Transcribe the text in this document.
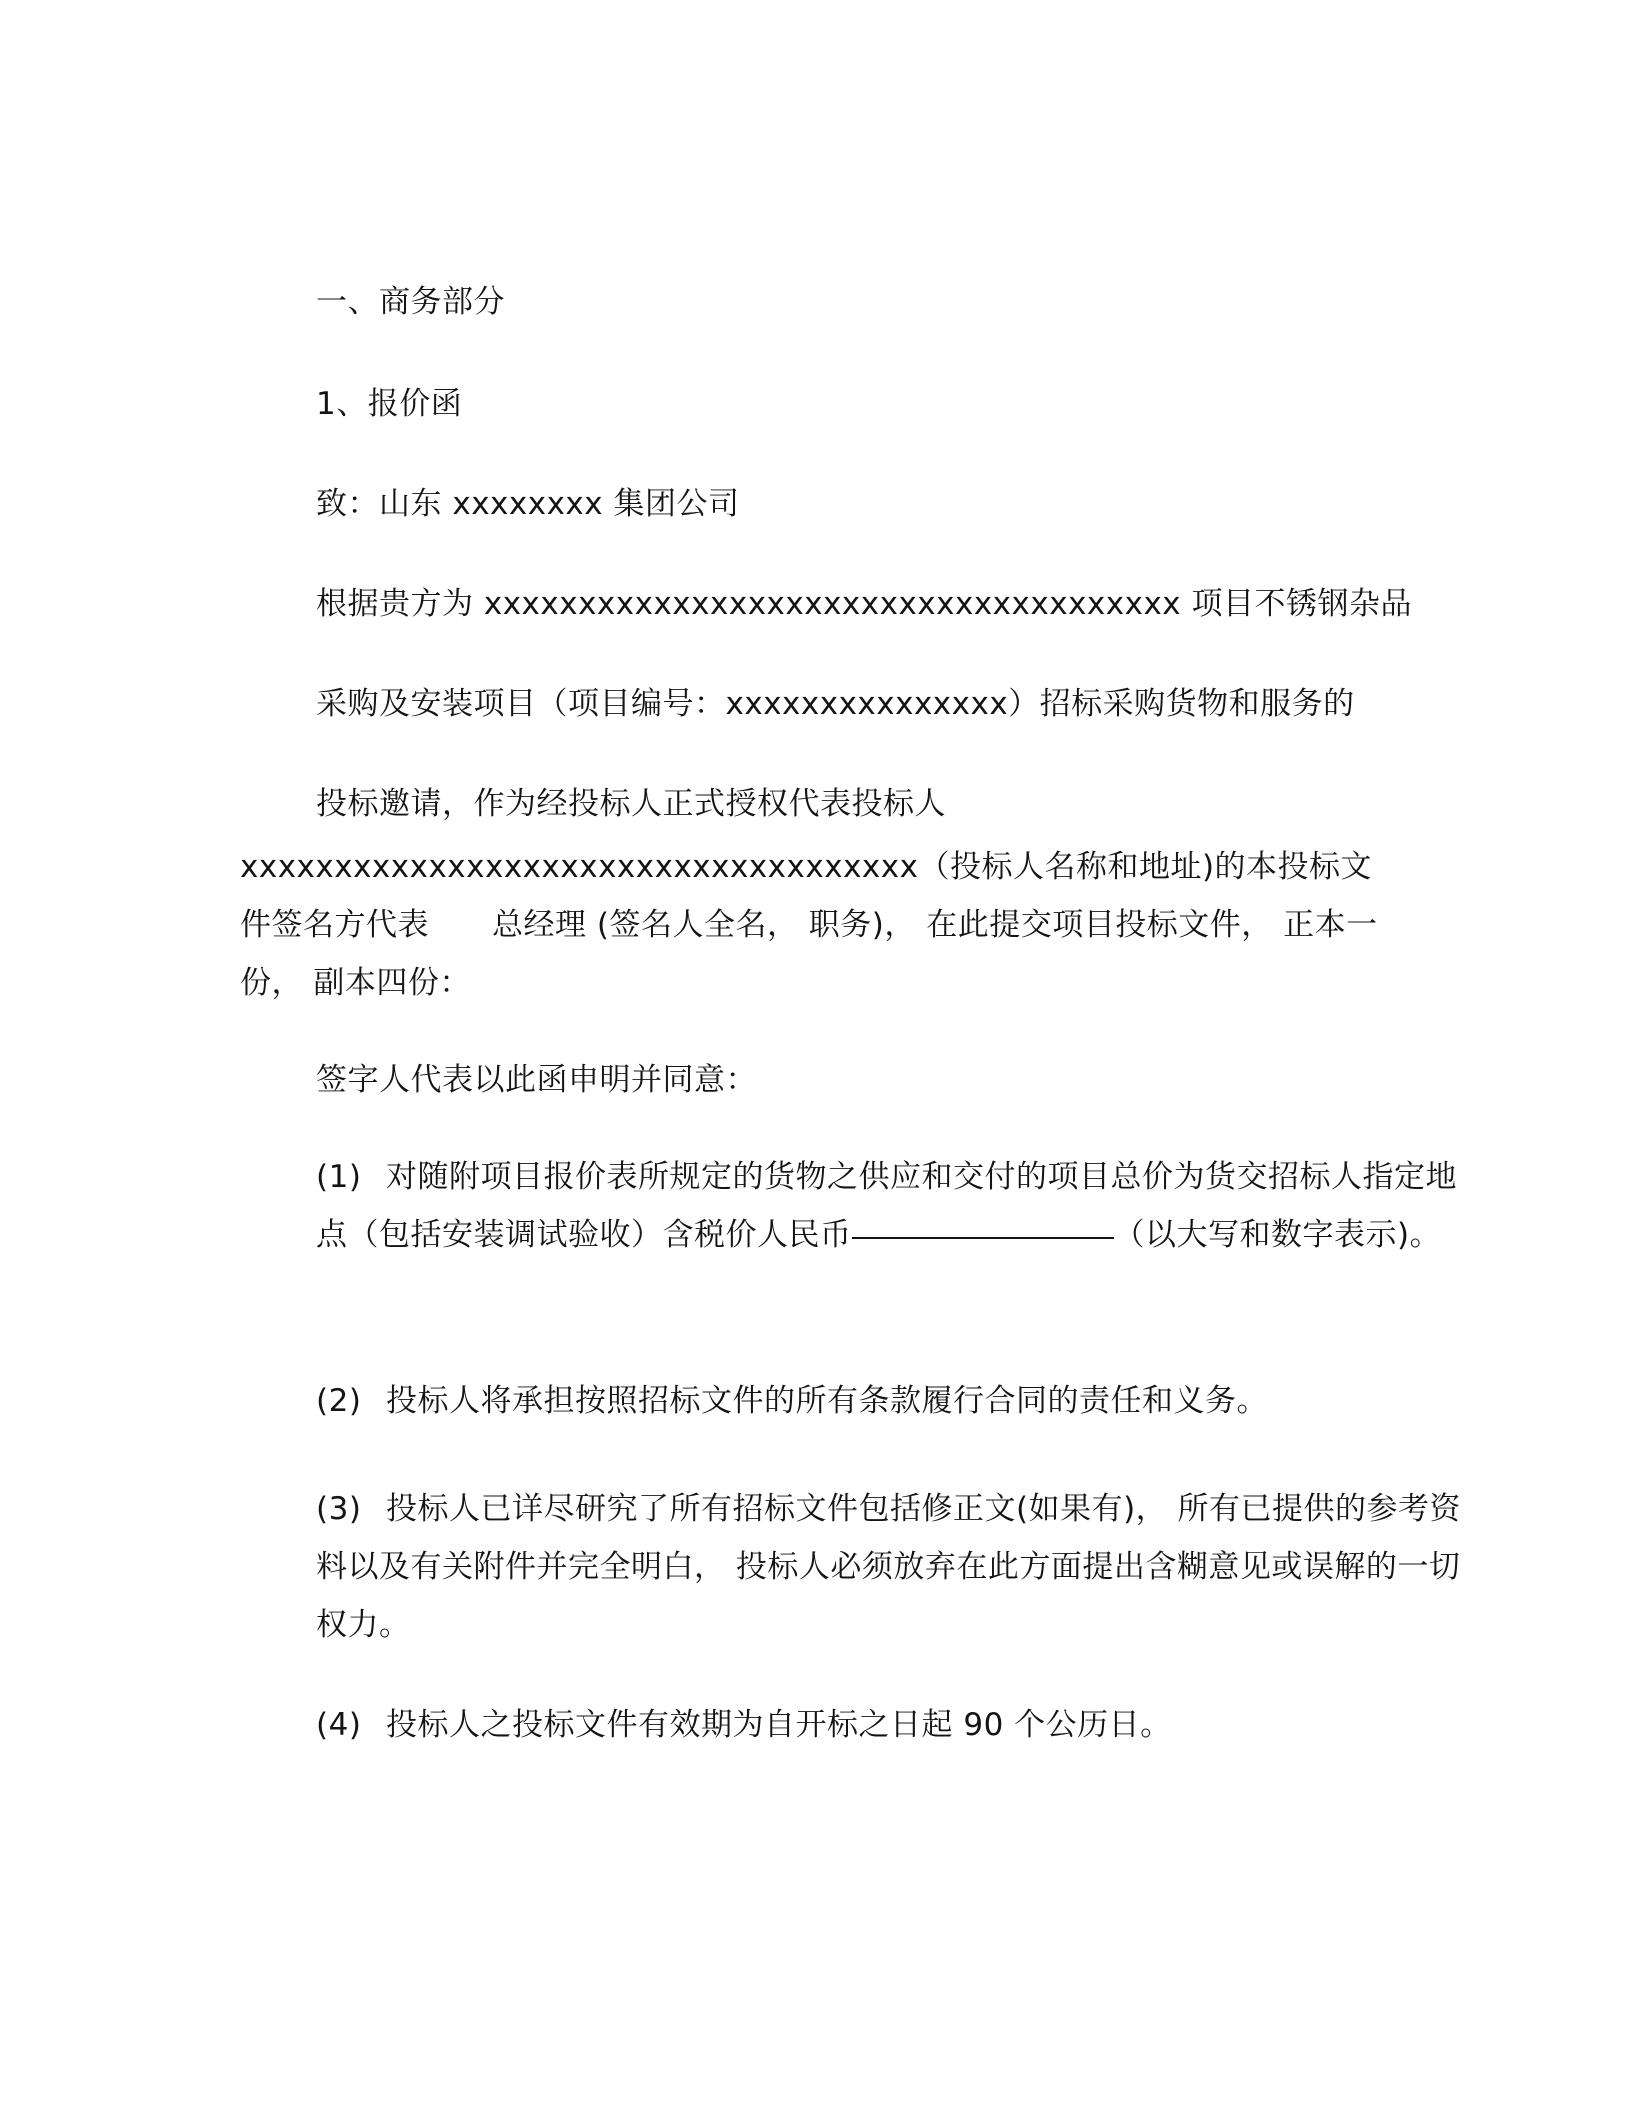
一、商务部分

1、报价函

致：山东 xxxxxxxx 集团公司

根据贵方为 xxxxxxxxxxxxxxxxxxxxxxxxxxxxxxxxxxxxx 项目不锈钢杂品

采购及安装项目（项目编号：xxxxxxxxxxxxxxx）招标采购货物和服务的

投标邀请，作为经投标人正式授权代表投标人

xxxxxxxxxxxxxxxxxxxxxxxxxxxxxxxxxxxx（投标人名称和地址)的本投标文件签名方代表　　总经理 (签名人全名， 职务)， 在此提交项目投标文件， 正本一份， 副本四份：

签字人代表以此函申明并同意：

(1) 对随附项目报价表所规定的货物之供应和交付的项目总价为货交招标人指定地点（包括安装调试验收）含税价人民币	（以大写和数字表示)。

(2) 投标人将承担按照招标文件的所有条款履行合同的责任和义务。

(3) 投标人已详尽研究了所有招标文件包括修正文(如果有)， 所有已提供的参考资料以及有关附件并完全明白， 投标人必须放弃在此方面提出含糊意见或误解的一切权力。

(4) 投标人之投标文件有效期为自开标之日起 90 个公历日。
